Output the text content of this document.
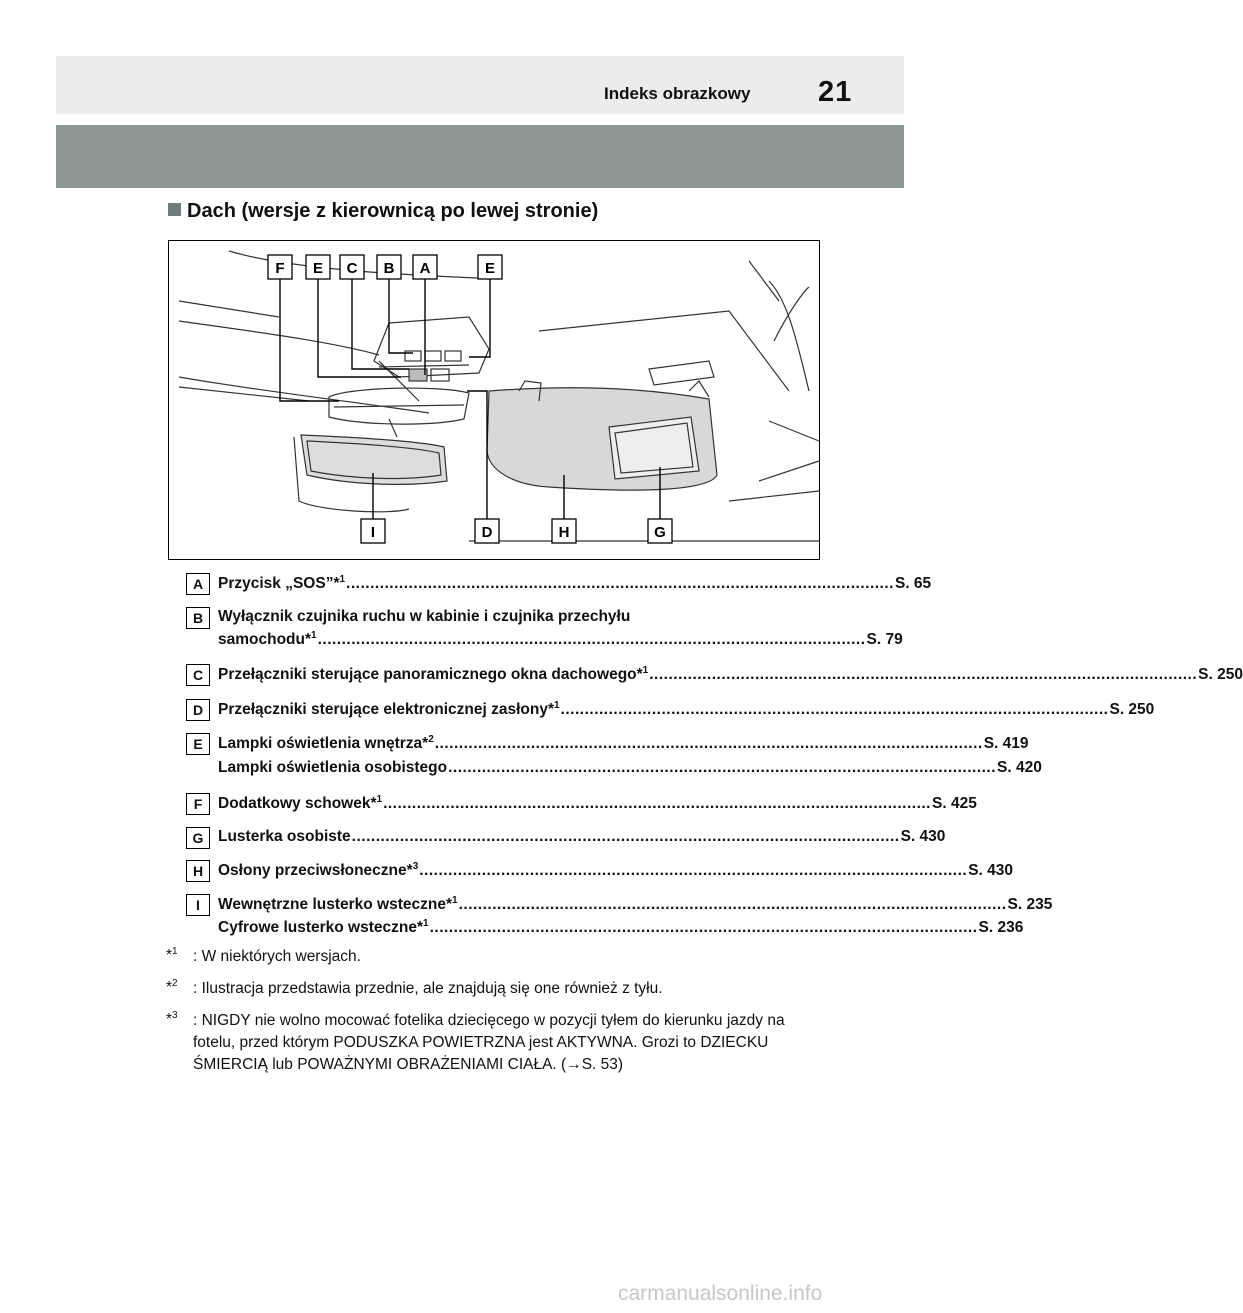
Indeks obrazkowy 21
Dach (wersje z kierownicą po lewej stronie)
F E C B A	E
I	D	H	G
A Przycisk „SOS”*$^1$ .................................................................................................................. S. 65
B Wyłącznik czujnika ruchu w kabinie i czujnika przechyłu
samochodu*$^1$ .................................................................................................................. S. 79
C Przełączniki sterujące panoramicznego okna dachowego*$^1$ .................................................................................................................. S. 250
D Przełączniki sterujące elektronicznej zasłony*$^1$ .................................................................................................................. S. 250
E Lampki oświetlenia wnętrza*$^2$ .................................................................................................................. S. 419
Lampki oświetlenia osobistego .................................................................................................................. S. 420
F	Dodatkowy schowek*$^1$ .................................................................................................................. S. 425
G Lusterka osobiste .................................................................................................................. S. 430
H Osłony przeciwsłoneczne*$^3$ .................................................................................................................. S. 430
I	Wewnętrzne lusterko wsteczne*$^1$ .................................................................................................................. S. 235
Cyfrowe lusterko wsteczne*$^1$ .................................................................................................................. S. 236
*$^1$ : W niektórych wersjach.
*$^2$ : Ilustracja przedstawia przednie, ale znajdują się one również z tyłu.
*$^3$ : NIGDY nie wolno mocować fotelika dziecięcego w pozycji tyłem do kierunku jazdy na fotelu, przed którym PODUSZKA POWIETRZNA jest AKTYWNA. Grozi to DZIECKU ŚMIERCIĄ lub POWAŻNYMI OBRAŻENIAMI CIAŁA. (→S. 53)
carmanualsonline.info
